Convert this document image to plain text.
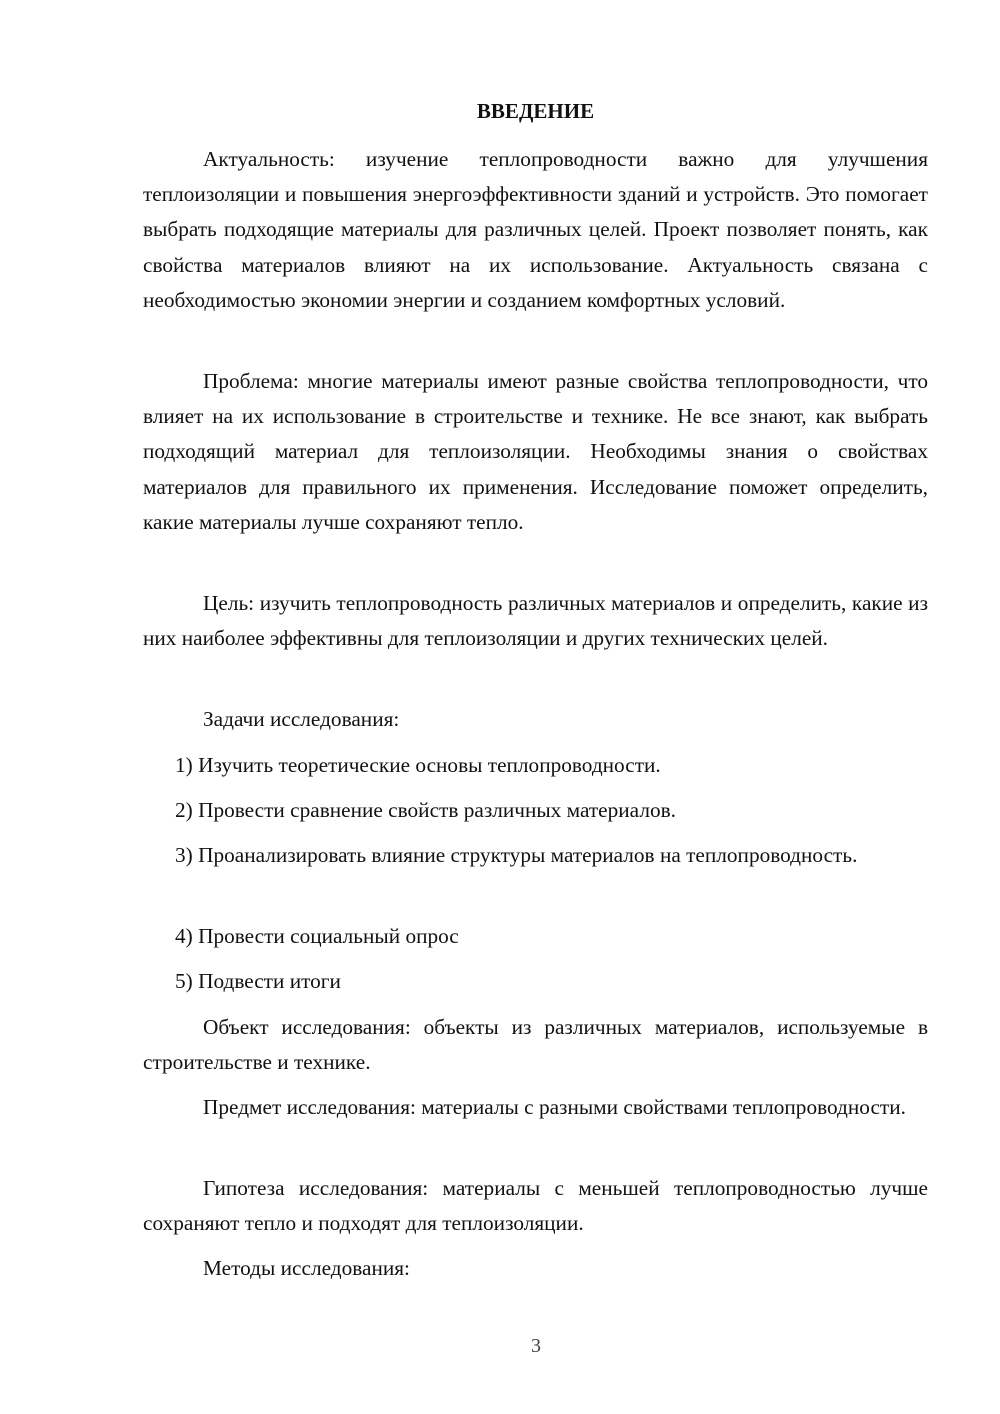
ВВЕДЕНИЕ

Актуальность: изучение теплопроводности важно для улучшения теплоизоляции и повышения энергоэффективности зданий и устройств. Это помогает выбрать подходящие материалы для различных целей. Проект позволяет понять, как свойства материалов влияют на их использование. Актуальность связана с необходимостью экономии энергии и созданием комфортных условий.

Проблема: многие материалы имеют разные свойства теплопроводности, что влияет на их использование в строительстве и технике. Не все знают, как выбрать подходящий материал для теплоизоляции. Необходимы знания о свойствах материалов для правильного их применения. Исследование поможет определить, какие материалы лучше сохраняют тепло.

Цель: изучить теплопроводность различных материалов и определить, какие из них наиболее эффективны для теплоизоляции и других технических целей.

Задачи исследования:

1) Изучить теоретические основы теплопроводности.

2) Провести сравнение свойств различных материалов.

3) Проанализировать влияние структуры материалов на теплопроводность.

4) Провести социальный опрос

5) Подвести итоги

Объект исследования: объекты из различных материалов, используемые в строительстве и технике.

Предмет исследования: материалы с разными свойствами теплопроводности.

Гипотеза исследования: материалы с меньшей теплопроводностью лучше сохраняют тепло и подходят для теплоизоляции.

Методы исследования:

3
